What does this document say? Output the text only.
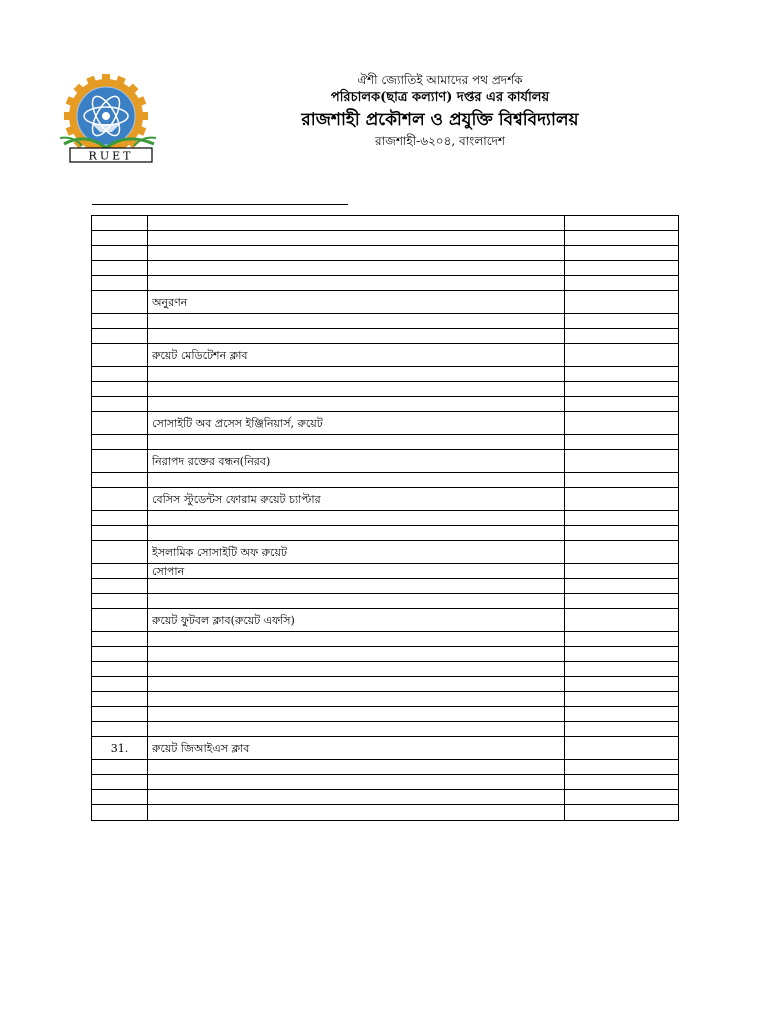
RUET
ঐশী জ্যোতিই আমাদের পথ প্রদর্শক
পরিচালক(ছাত্র কল্যাণ) দপ্তর এর কার্যালয়
রাজশাহী প্রকৌশল ও প্রযুক্তি বিশ্ববিদ্যালয়
রাজশাহী-৬২০৪, বাংলাদেশ

	অনুরণন	

	রুয়েট মেডিটেশন ক্লাব	

	সোসাইটি অব প্রসেস ইঞ্জিনিয়ার্স, রুয়েট	

	নিরাপদ রক্তের বন্ধন(নিরব)	

	বেসিস স্টুডেন্টস ফোরাম রুয়েট চ্যাপ্টার	

	ইসলামিক সোসাইটি অফ রুয়েট	
	সোপান	

	রুয়েট ফুটবল ক্লাব(রুয়েট এফসি)	

31.	রুয়েট জিআইএস ক্লাব	
